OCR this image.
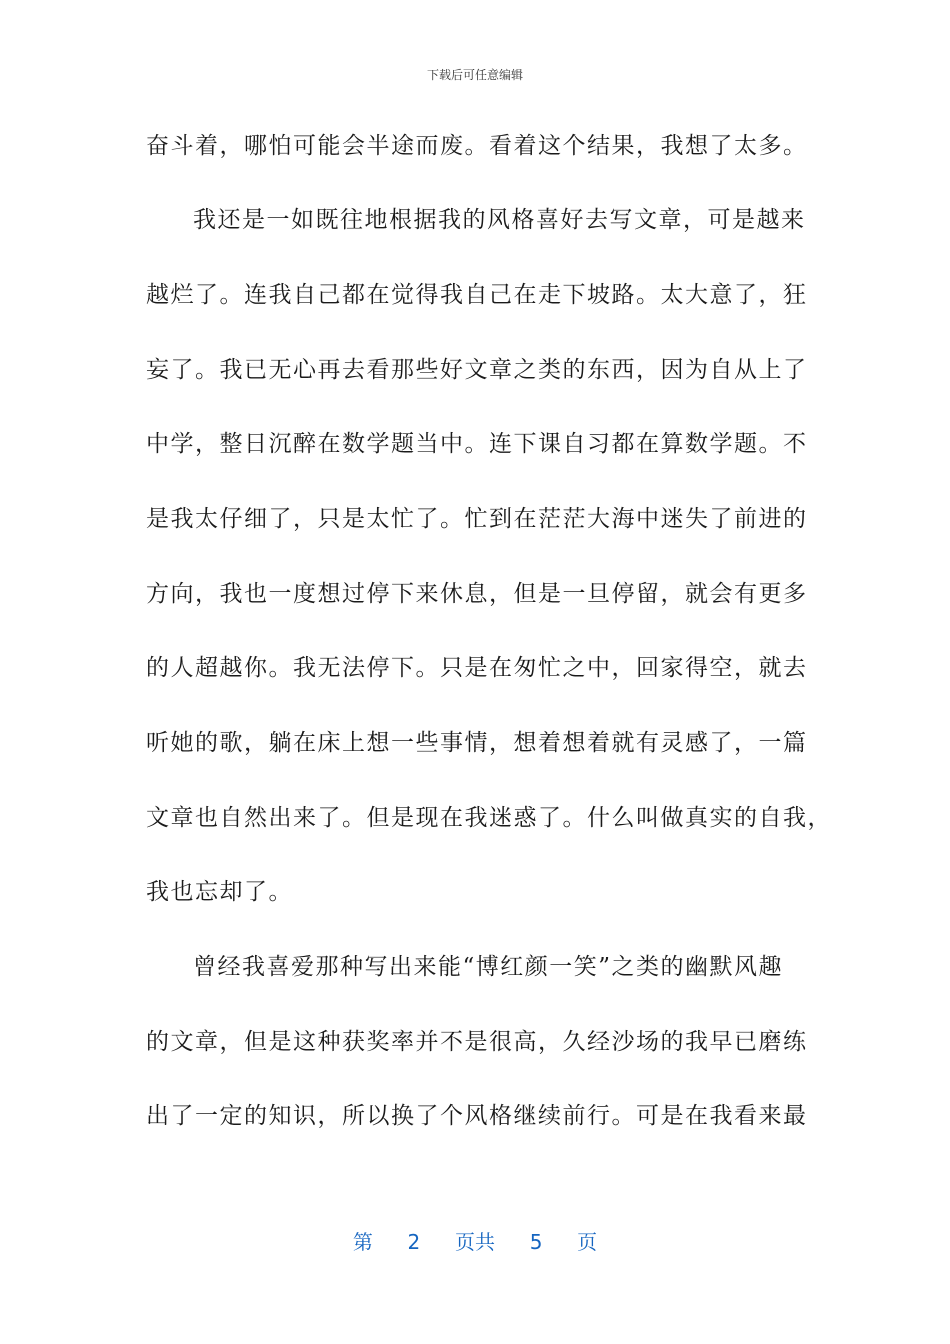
下载后可任意编辑
奋斗着，哪怕可能会半途而废。看着这个结果，我想了太多。
我还是一如既往地根据我的风格喜好去写文章，可是越来
越烂了。连我自己都在觉得我自己在走下坡路。太大意了，狂
妄了。我已无心再去看那些好文章之类的东西，因为自从上了
中学，整日沉醉在数学题当中。连下课自习都在算数学题。不
是我太仔细了，只是太忙了。忙到在茫茫大海中迷失了前进的
方向，我也一度想过停下来休息，但是一旦停留，就会有更多
的人超越你。我无法停下。只是在匆忙之中，回家得空，就去
听她的歌，躺在床上想一些事情，想着想着就有灵感了，一篇
文章也自然出来了。但是现在我迷惑了。什么叫做真实的自我，
我也忘却了。
曾经我喜爱那种写出来能“博红颜一笑”之类的幽默风趣
的文章，但是这种获奖率并不是很高，久经沙场的我早已磨练
出了一定的知识，所以换了个风格继续前行。可是在我看来最
第 2 页共 5 页
